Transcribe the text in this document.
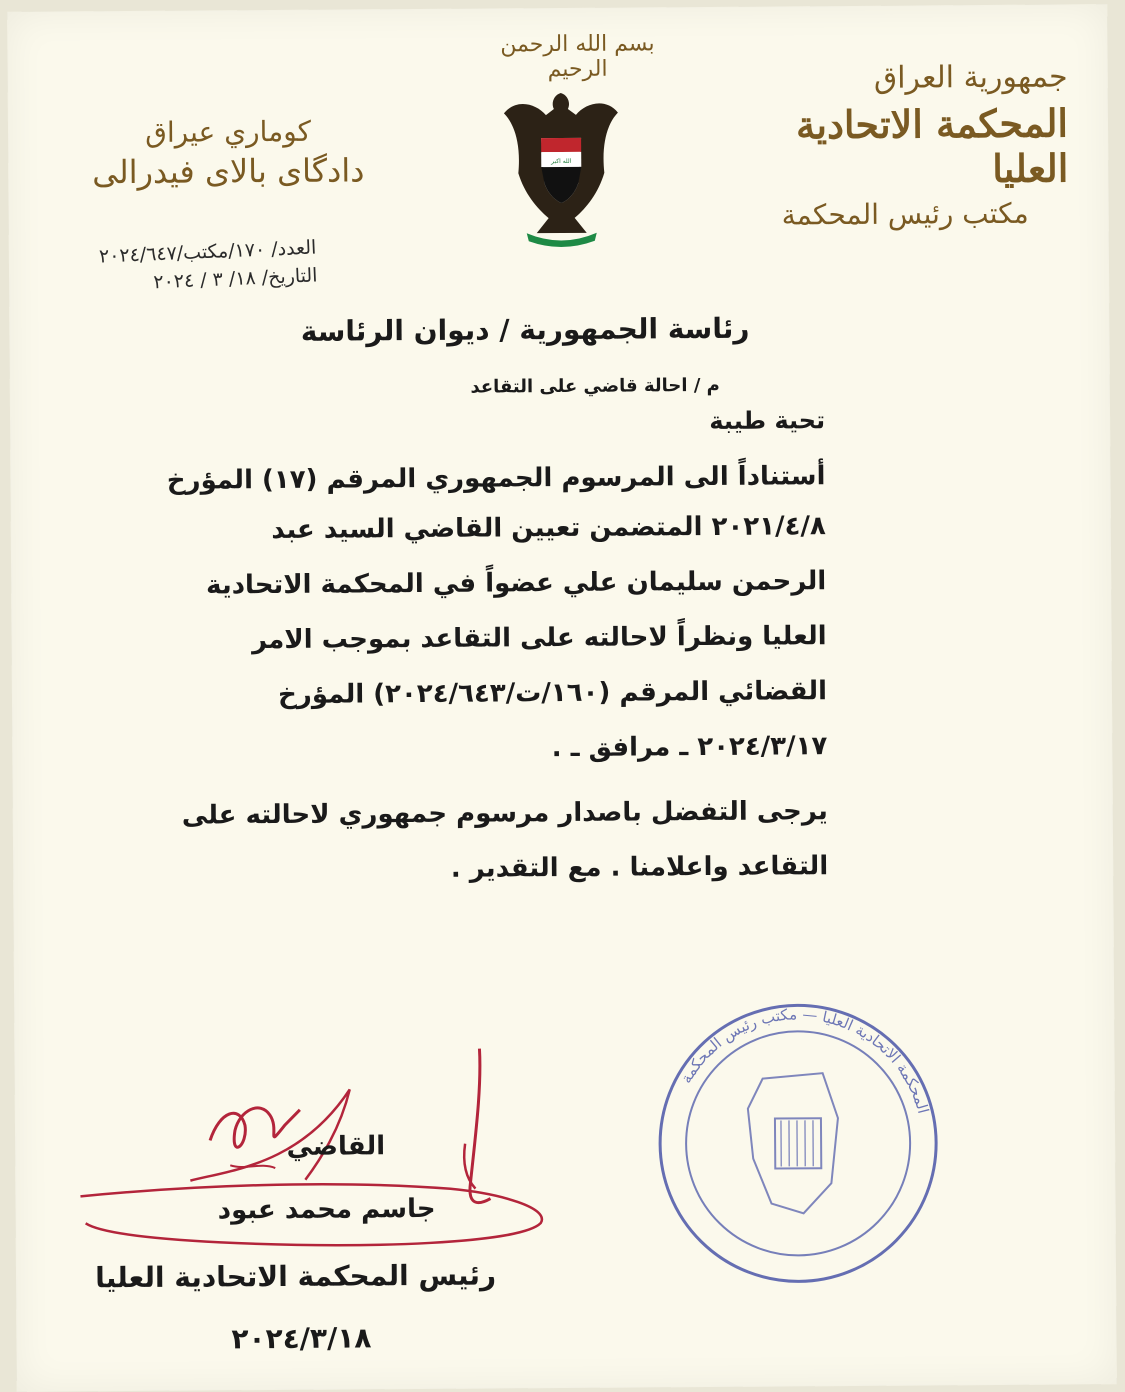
بسم الله الرحمن الرحيم	جمهورية العراق
المحكمة الاتحادية العليا
مكتب رئيس المحكمة
كوماري عيراق
دادگای بالای فیدرالی
العدد/ ١٧٠/مكتب/٢٠٢٤/٦٤٧
التاريخ/ ١٨/ ٣ / ٢٠٢٤
الله اكبر
رئاسة الجمهورية / ديوان الرئاسة
م / احالة قاضي على التقاعد
تحية طيبة
أستناداً الى المرسوم الجمهوري المرقم (١٧) المؤرخ
٢٠٢١/٤/٨ المتضمن تعيين القاضي السيد عبد
الرحمن سليمان علي عضواً في المحكمة الاتحادية
العليا ونظراً لاحالته على التقاعد بموجب الامر
القضائي المرقم (١٦٠/ت/٢٠٢٤/٦٤٣) المؤرخ
٢٠٢٤/٣/١٧ ـ مرافق ـ .
يرجى التفضل باصدار مرسوم جمهوري لاحالته على
التقاعد واعلامنا . مع التقدير .
المحكمة الاتحادية العليا — مكتب رئيس المحكمة
القاضي
جاسم محمد عبود
رئيس المحكمة الاتحادية العليا
٢٠٢٤/٣/١٨
